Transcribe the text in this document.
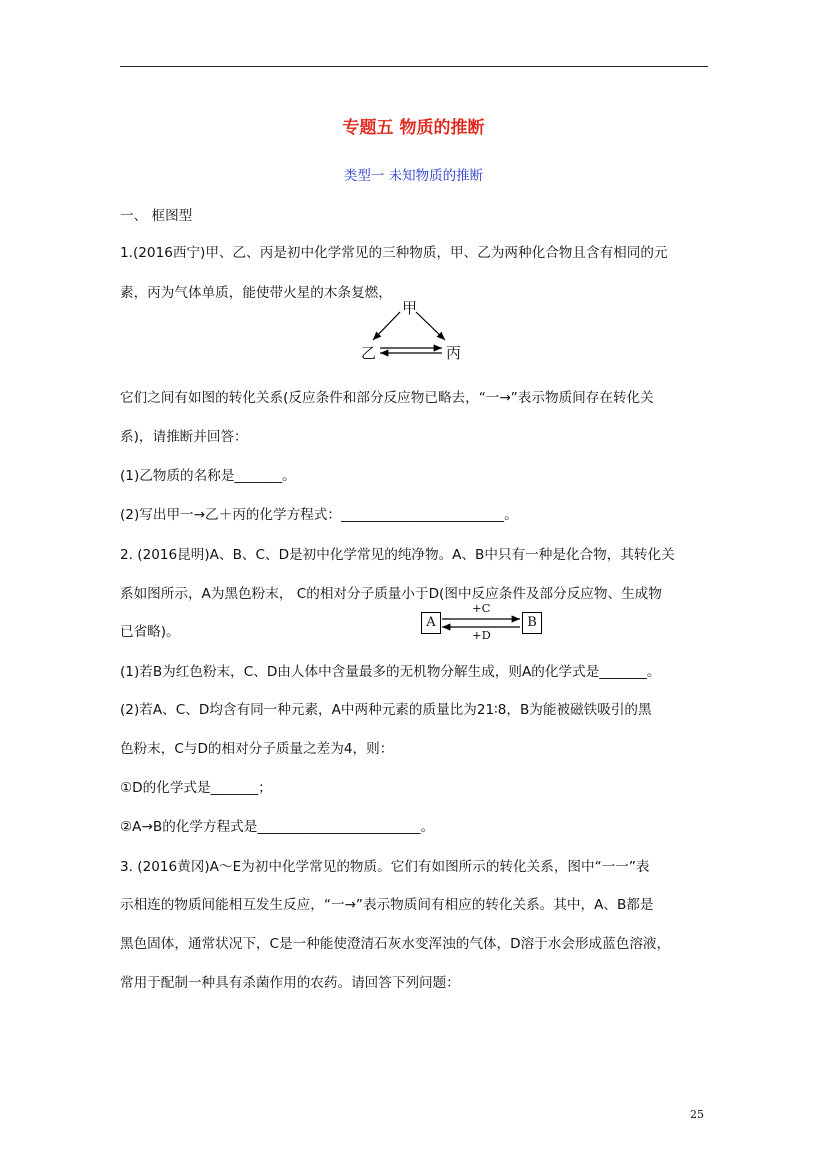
专题五 物质的推断
类型一 未知物质的推断
一、 框图型
1.(2016西宁)甲、乙、丙是初中化学常见的三种物质，甲、乙为两种化合物且含有相同的元
素，丙为气体单质，能使带火星的木条复燃，
甲
乙	丙
它们之间有如图的转化关系(反应条件和部分反应物已略去，“一→”表示物质间存在转化关
系)，请推断并回答：
(1)乙物质的名称是_______。
(2)写出甲一→乙＋丙的化学方程式：________________________。
2. (2016昆明)A、B、C、D是初中化学常见的纯净物。A、B中只有一种是化合物，其转化关
系如图所示，A为黑色粉末， C的相对分子质量小于D(图中反应条件及部分反应物、生成物
已省略)。
A	B
+C
+D
(1)若B为红色粉末，C、D由人体中含量最多的无机物分解生成，则A的化学式是_______。
(2)若A、C、D均含有同一种元素，A中两种元素的质量比为21∶8，B为能被磁铁吸引的黑
色粉末，C与D的相对分子质量之差为4，则：
①D的化学式是_______；
②A→B的化学方程式是________________________。
3. (2016黄冈)A～E为初中化学常见的物质。它们有如图所示的转化关系，图中“一一”表
示相连的物质间能相互发生反应，“一→”表示物质间有相应的转化关系。其中，A、B都是
黑色固体，通常状况下，C是一种能使澄清石灰水变浑浊的气体，D溶于水会形成蓝色溶液，
常用于配制一种具有杀菌作用的农药。请回答下列问题：
25
